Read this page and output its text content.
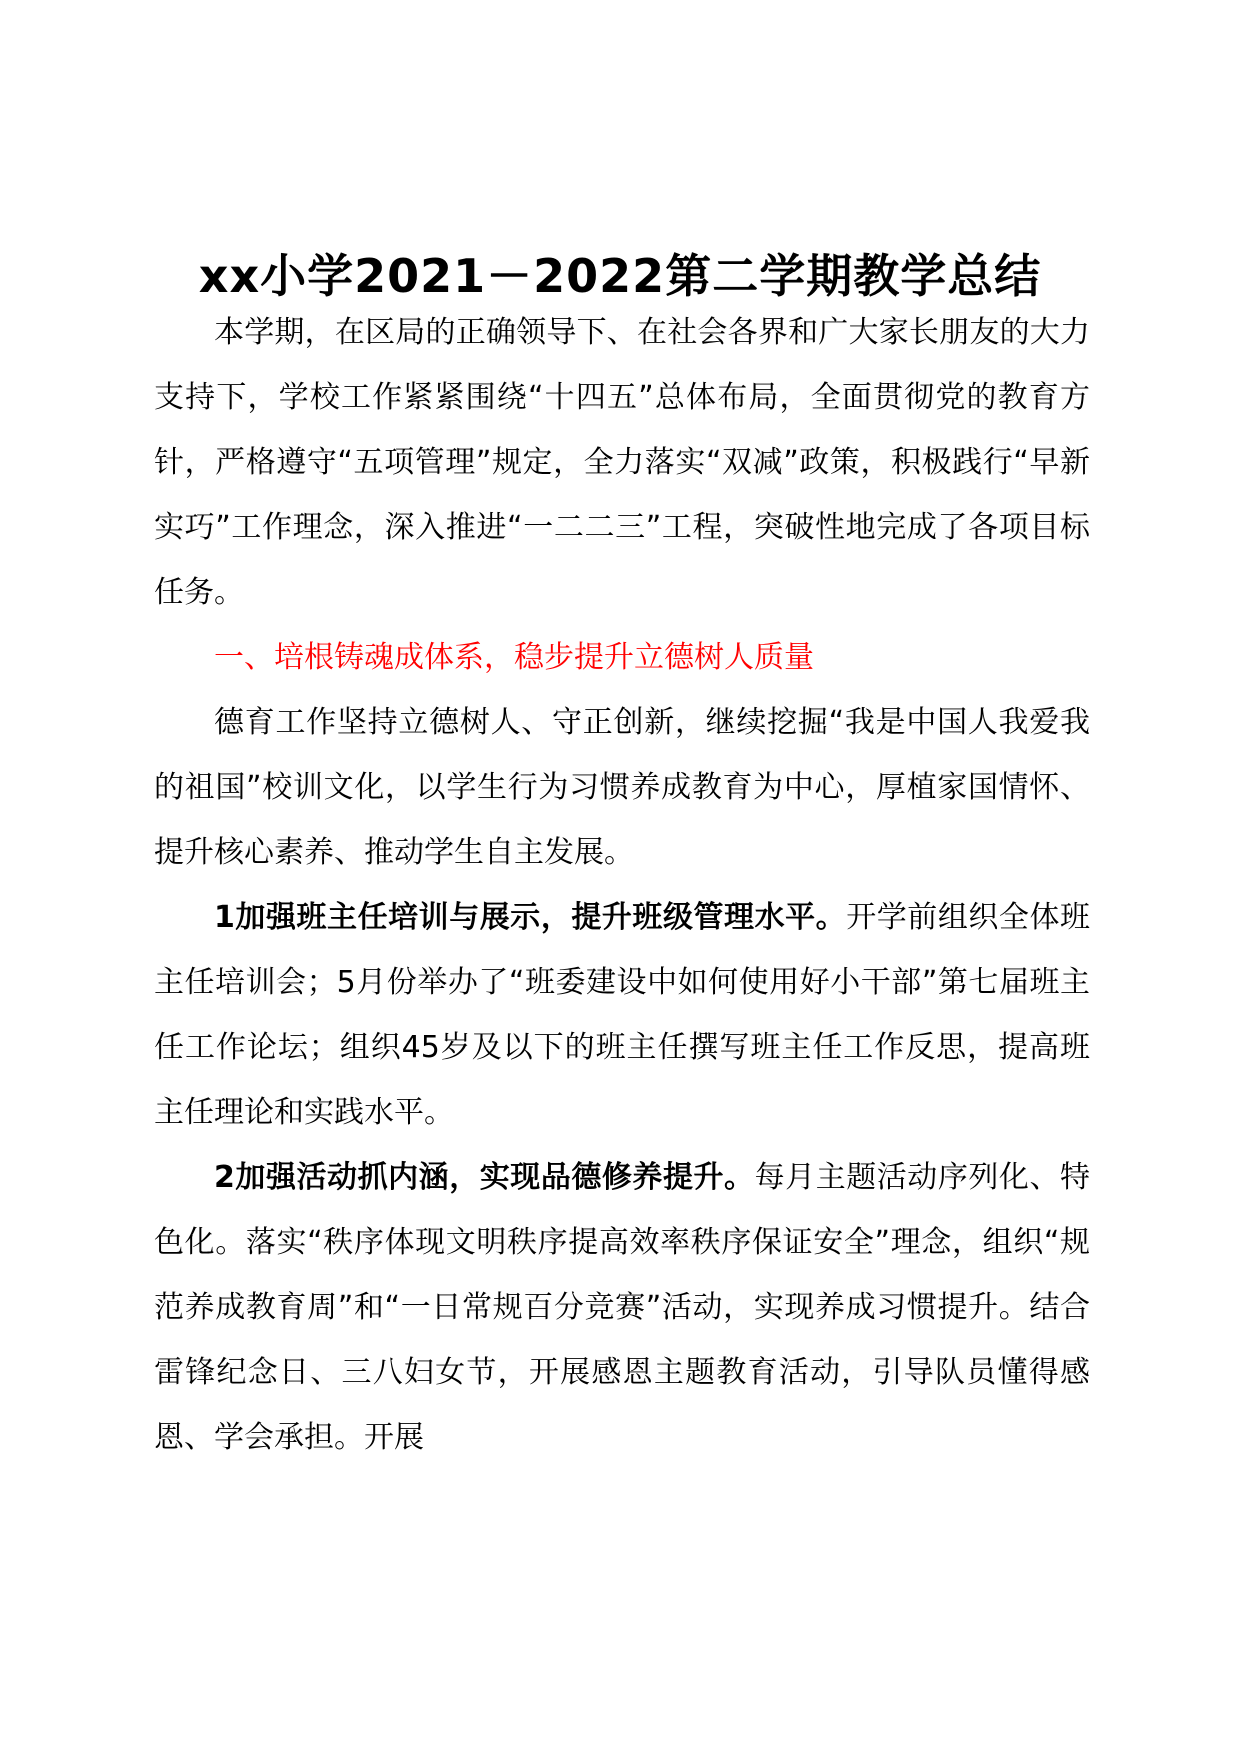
xx小学2021－2022第二学期教学总结

本学期，在区局的正确领导下、在社会各界和广大家长朋友的大力支持下，学校工作紧紧围绕“十四五”总体布局，全面贯彻党的教育方针，严格遵守“五项管理”规定，全力落实“双减”政策，积极践行“早新实巧”工作理念，深入推进“一二二三”工程，突破性地完成了各项目标任务。

一、培根铸魂成体系，稳步提升立德树人质量

德育工作坚持立德树人、守正创新，继续挖掘“我是中国人我爱我的祖国”校训文化，以学生行为习惯养成教育为中心，厚植家国情怀、提升核心素养、推动学生自主发展。

1加强班主任培训与展示，提升班级管理水平。开学前组织全体班主任培训会；5月份举办了“班委建设中如何使用好小干部”第七届班主任工作论坛；组织45岁及以下的班主任撰写班主任工作反思，提高班主任理论和实践水平。

2加强活动抓内涵，实现品德修养提升。每月主题活动序列化、特色化。落实“秩序体现文明秩序提高效率秩序保证安全”理念，组织“规范养成教育周”和“一日常规百分竞赛”活动，实现养成习惯提升。结合雷锋纪念日、三八妇女节，开展感恩主题教育活动，引导队员懂得感恩、学会承担。开展
